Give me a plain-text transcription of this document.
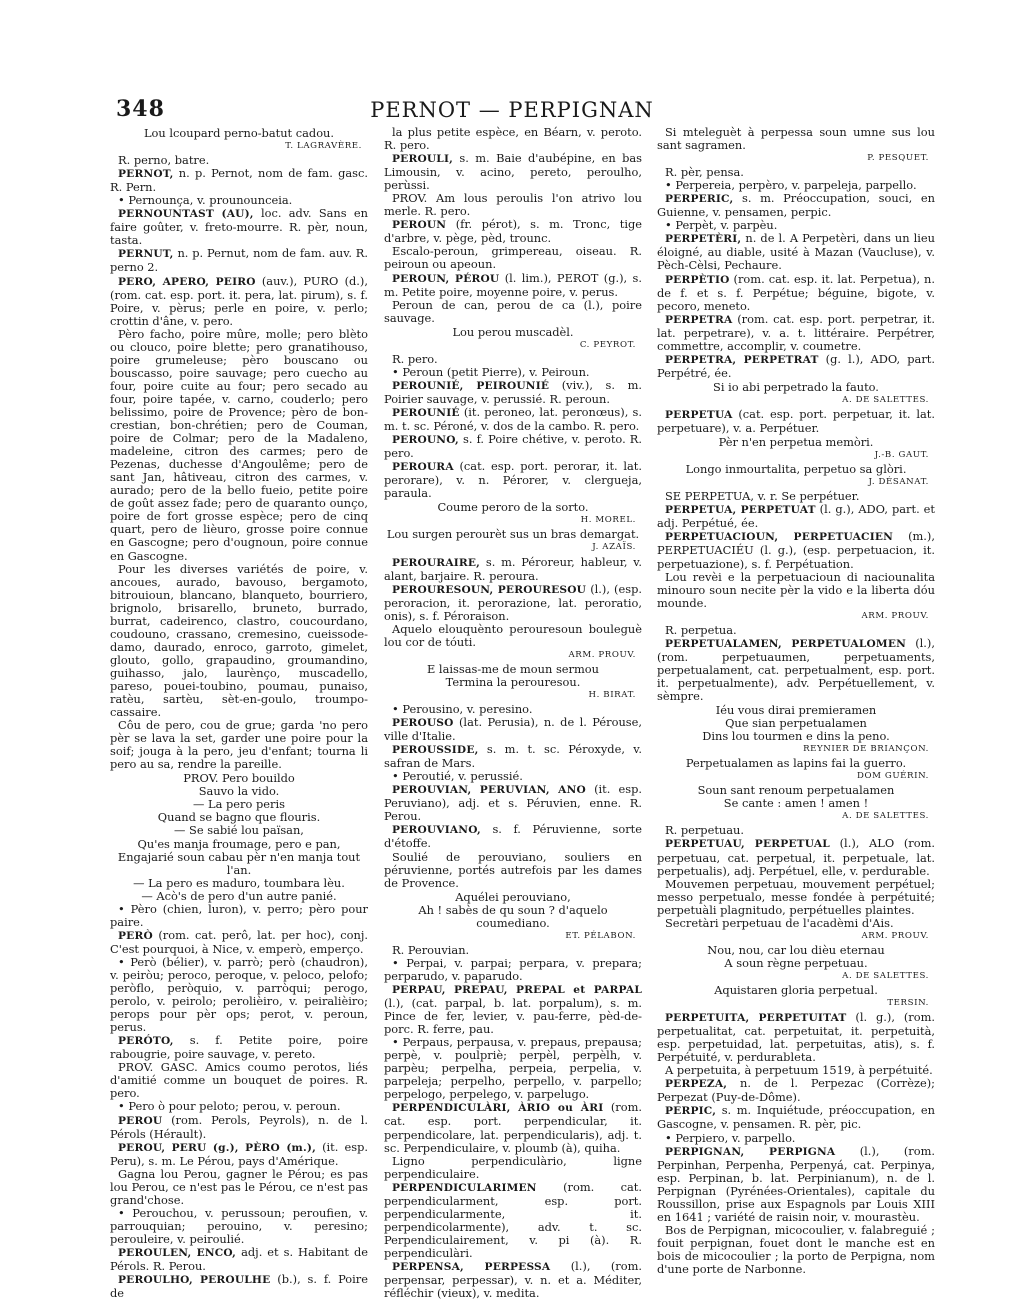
348	PERNOT — PERPIGNAN
Lou lcoupard perno-batut cadou.
T. LAGRAVÈRE.

R. perno, batre.

PERNOT, n. p. Pernot, nom de fam. gasc. R. Pern.

• Pernounça, v. prounounceia.

PERNOUNTAST (AU), loc. adv. Sans en faire goûter, v. freto-mourre. R. pèr, noun, tasta.

PERNUT, n. p. Pernut, nom de fam. auv. R. perno 2.

PERO, APERO, PEIRO (auv.), PURO (d.), (rom. cat. esp. port. it. pera, lat. pirum), s. f. Poire, v. pèrus; perle en poire, v. perlo; crottin d'âne, v. pero.

Pèro facho, poire mûre, molle; pero blèto ou clouco, poire blette; pero granatihouso, poire grumeleuse; pèro bouscano ou bouscasso, poire sauvage; pero cuecho au four, poire cuite au four; pero secado au four, poire tapée, v. carno, couderlo; pero belissimo, poire de Provence; pèro de bon-crestian, bon-chrétien; pero de Couman, poire de Colmar; pero de la Madaleno, madeleine, citron des carmes; pero de Pezenas, duchesse d'Angoulême; pero de sant Jan, hâtiveau, citron des carmes, v. aurado; pero de la bello fueio, petite poire de goût assez fade; pero de quaranto ounço, poire de fort grosse espèce; pero de cinq quart, pero de lièuro, grosse poire connue en Gascogne; pero d'ougnoun, poire connue en Gascogne.

Pour les diverses variétés de poire, v. ancoues, aurado, bavouso, bergamoto, bitrouioun, blancano, blanqueto, bourriero, brignolo, brisarello, bruneto, burrado, burrat, cadeirenco, clastro, coucourdano, coudouno, crassano, cremesino, cueissode-damo, daurado, enroco, garroto, gimelet, glouto, gollo, grapaudino, groumandino, guihasso, jalo, laurènço, muscadello, pareso, pouei-toubino, poumau, punaiso, ratèu, sartèu, sèt-en-goulo, troumpo-cassaire.

Côu de pero, cou de grue; garda 'no pero pèr se lava la set, garder une poire pour la soif; jouga à la pero, jeu d'enfant; tourna li pero au sa, rendre la pareille.

PROV. Pero bouildo
Sauvo la vido.
— La pero peris
Quand se bagno que flouris.
— Se sabié lou païsan,
Qu'es manja froumage, pero e pan,
Engajarié soun cabau pèr n'en manja tout l'an.
— La pero es maduro, toumbara lèu.
— Acò's de pero d'un autre panié.

• Pèro (chien, luron), v. perro; pèro pour paire.

PERÒ (rom. cat. perô, lat. per hoc), conj. C'est pourquoi, à Nice, v. emperò, emperço.

• Però (bélier), v. parrò; però (chaudron), v. peiròu; peroco, peroque, v. peloco, pelofo; peròflo, peròquio, v. parròqui; perogo, perolo, v. peirolo; perolièiro, v. peiralièiro; perops pour pèr ops; perot, v. peroun, perus.

PERÓTO, s. f. Petite poire, poire rabougrie, poire sauvage, v. pereto.

PROV. GASC. Amics coumo perotos, liés d'amitié comme un bouquet de poires. R. pero.

• Pero ò pour peloto; perou, v. peroun.

PEROU (rom. Perols, Peyrols), n. de l. Pérols (Hérault).

PEROU, PERU (g.), PÈRO (m.), (it. esp. Peru), s. m. Le Pérou, pays d'Amérique.

Gagna lou Perou, gagner le Pérou; es pas lou Perou, ce n'est pas le Pérou, ce n'est pas grand'chose.

• Perouchou, v. perussoun; peroufien, v. parrouquian; perouino, v. peresino; perouleire, v. peiroulié.

PEROULEN, ENCO, adj. et s. Habitant de Pérols. R. Perou.

PEROULHO, PEROULHE (b.), s. f. Poire de

la plus petite espèce, en Béarn, v. peroto. R. pero.

PEROULI, s. m. Baie d'aubépine, en bas Limousin, v. acino, pereto, peroulho, perùssi.

PROV. Am lous peroulis l'on atrivo lou merle. R. pero.

PEROUN (fr. pérot), s. m. Tronc, tige d'arbre, v. pège, pèd, trounc.

Escalo-peroun, grimpereau, oiseau. R. peiroun ou apeoun.

PEROUN, PÉROU (l. lim.), PEROT (g.), s. m. Petite poire, moyenne poire, v. perus.

Peroun de can, perou de ca (l.), poire sauvage.

Lou perou muscadèl.
C. PEYROT.

R. pero.

• Peroun (petit Pierre), v. Peiroun.

PEROUNIÉ, PEIROUNIÉ (viv.), s. m. Poirier sauvage, v. perussié. R. peroun.

PEROUNIÉ (it. peroneo, lat. peronœus), s. m. t. sc. Péroné, v. dos de la cambo. R. pero.

PEROUNO, s. f. Poire chétive, v. peroto. R. pero.

PEROURA (cat. esp. port. perorar, it. lat. perorare), v. n. Pérorer, v. clergueja, paraula.

Coume peroro de la sorto.
H. MOREL.
Lou surgen perourèt sus un bras demargat.
J. AZAÏS.

PEROURAIRE, s. m. Péroreur, hableur, v. alant, barjaire. R. peroura.

PEROURESOUN, PEROURESOU (l.), (esp. peroracion, it. perorazione, lat. peroratio, onis), s. f. Péroraison.

Aquelo elouquènto perouresoun bouleguè lou cor de tóuti.

ARM. PROUV.
E laissas-me de moun sermou
Termina la perouresou.
H. BIRAT.

• Perousino, v. peresino.

PEROUSO (lat. Perusia), n. de l. Pérouse, ville d'Italie.

PEROUSSIDE, s. m. t. sc. Péroxyde, v. safran de Mars.

• Peroutié, v. perussié.

PEROUVIAN, PERUVIAN, ANO (it. esp. Peruviano), adj. et s. Péruvien, enne. R. Perou.

PEROUVIANO, s. f. Péruvienne, sorte d'étoffe.

Soulié de perouviano, souliers en péruvienne, portés autrefois par les dames de Provence.

Aquélei perouviano,
Ah ! sabès de qu soun ? d'aquelo coumediano.
ET. PÉLABON.

R. Perouvian.

• Perpai, v. parpai; perpara, v. prepara; perparudo, v. paparudo.

PERPAU, PREPAU, PREPAL et PARPAL (l.), (cat. parpal, b. lat. porpalum), s. m. Pince de fer, levier, v. pau-ferre, pèd-de-porc. R. ferre, pau.

• Perpaus, perpausa, v. prepaus, prepausa; perpè, v. poulpriè; perpèl, perpèlh, v. parpèu; perpelha, perpeia, perpelia, v. parpeleja; perpelho, perpello, v. parpello; perpelogo, perpelego, v. parpelugo.

PERPENDICULÀRI, ÀRIO ou ÀRI (rom. cat. esp. port. perpendicular, it. perpendicolare, lat. perpendicularis), adj. t. sc. Perpendiculaire, v. ploumb (à), quiha.

Ligno perpendiculàrio, ligne perpendiculaire.

PERPENDICULARIMEN (rom. cat. perpendicularment, esp. port. perpendicularmente, it. perpendicolarmente), adv. t. sc. Perpendiculairement, v. pi (à). R. perpendiculàri.

PERPENSA, PERPESSA (l.), (rom. perpensar, perpessar), v. n. et a. Méditer, réfléchir (vieux), v. medita.

Si mteleguèt à perpessa soun umne sus lou sant sagramen.

P. PESQUET.

R. pèr, pensa.

• Perpereia, perpèro, v. parpeleja, parpello.

PERPERIC, s. m. Préoccupation, souci, en Guienne, v. pensamen, perpic.

• Perpèt, v. parpèu.

PERPETÈRI, n. de l. A Perpetèri, dans un lieu éloigné, au diable, usité à Mazan (Vaucluse), v. Pèch-Cèlsi, Pechaure.

PERPÈTIO (rom. cat. esp. it. lat. Perpetua), n. de f. et s. f. Perpétue; béguine, bigote, v. pecoro, meneto.

PERPETRA (rom. cat. esp. port. perpetrar, it. lat. perpetrare), v. a. t. littéraire. Perpétrer, commettre, accomplir, v. coumetre.

PERPETRA, PERPETRAT (g. l.), ADO, part. Perpétré, ée.

Si io abi perpetrado la fauto.
A. DE SALETTES.

PERPETUA (cat. esp. port. perpetuar, it. lat. perpetuare), v. a. Perpétuer.

Pèr n'en perpetua memòri.
J.-B. GAUT.
Longo inmourtalita, perpetuo sa glòri.
J. DÉSANAT.

SE PERPETUA, v. r. Se perpétuer.

PERPETUA, PERPETUAT (l. g.), ADO, part. et adj. Perpétué, ée.

PERPETUACIOUN, PERPETUACIEN (m.), PERPETUACIÉU (l. g.), (esp. perpetuacion, it. perpetuazione), s. f. Perpétuation.

Lou revèi e la perpetuacioun di naciounalita minouro soun necite pèr la vido e la liberta dóu mounde.

ARM. PROUV.

R. perpetua.

PERPETUALAMEN, PERPETUALOMEN (l.), (rom. perpetuaumen, perpetuaments, perpetualament, cat. perpetualment, esp. port. it. perpetualmente), adv. Perpétuellement, v. sèmpre.

Iéu vous dirai premieramen
Que sian perpetualamen
Dins lou tourmen e dins la peno.
REYNIER DE BRIANÇON.
Perpetualamen as lapins fai la guerro.
DOM GUÉRIN.
Soun sant renoum perpetualamen
Se cante : amen ! amen !
A. DE SALETTES.

R. perpetuau.

PERPETUAU, PERPETUAL (l.), ALO (rom. perpetuau, cat. perpetual, it. perpetuale, lat. perpetualis), adj. Perpétuel, elle, v. perdurable.

Mouvemen perpetuau, mouvement perpétuel; messo perpetualo, messe fondée à perpétuité; perpetuàli plagnitudo, perpétuelles plaintes.

Secretàri perpetuau de l'acadèmi d'Ais.

ARM. PROUV.
Nou, nou, car lou dièu eternau
A soun règne perpetuau.
A. DE SALETTES.
Aquistaren gloria perpetual.
TERSIN.

PERPETUITA, PERPETUITAT (l. g.), (rom. perpetualitat, cat. perpetuitat, it. perpetuità, esp. perpetuidad, lat. perpetuitas, atis), s. f. Perpétuité, v. perdurableta.

A perpetuita, à perpetuum 1519, à perpétuité.

PERPEZA, n. de l. Perpezac (Corrèze); Perpezat (Puy-de-Dôme).

PERPIC, s. m. Inquiétude, préoccupation, en Gascogne, v. pensamen. R. pèr, pic.

• Perpiero, v. parpello.

PERPIGNAN, PERPIGNA (l.), (rom. Perpinhan, Perpenha, Perpenyá, cat. Perpinya, esp. Perpinan, b. lat. Perpinianum), n. de l. Perpignan (Pyrénées-Orientales), capitale du Roussillon, prise aux Espagnols par Louis XIII en 1641 ; variété de raisin noir, v. mourastèu.

Bos de Perpignan, micocoulier, v. falabreguié ; fouit perpignan, fouet dont le manche est en bois de micocoulier ; la porto de Perpigna, nom d'une porte de Narbonne.
